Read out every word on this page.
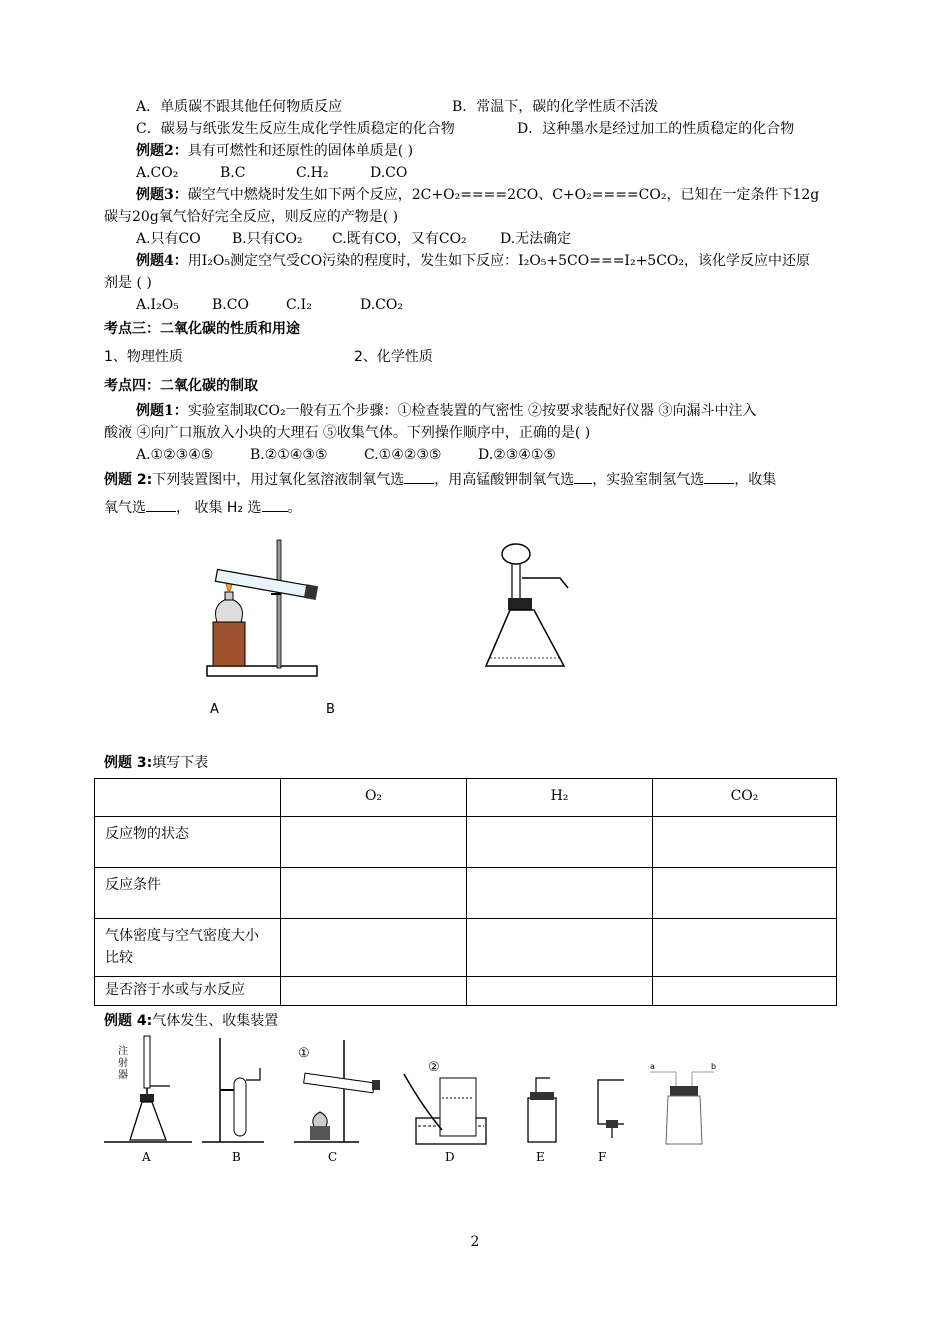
A．单质碳不跟其他任何物质反应	B．常温下，碳的化学性质不活泼
C．碳易与纸张发生反应生成化学性质稳定的化合物	D．这种墨水是经过加工的性质稳定的化合物
例题2：具有可燃性和还原性的固体单质是( )
A.CO₂	B.C	C.H₂	D.CO
例题3：碳空气中燃烧时发生如下两个反应，2C+O₂====2CO、C+O₂====CO₂，已知在一定条件下12g
碳与20g氧气恰好完全反应，则反应的产物是( )
A.只有CO B.只有CO₂ C.既有CO，又有CO₂ D.无法确定
例题4：用I₂O₅测定空气受CO污染的程度时，发生如下反应：I₂O₅+5CO===I₂+5CO₂，该化学反应中还原
剂是 ( )
A.I₂O₅ B.CO	C.I₂	D.CO₂
考点三：二氧化碳的性质和用途
1、物理性质	2、化学性质
考点四：二氧化碳的制取
例题1：实验室制取CO₂一般有五个步骤：①检查装置的气密性 ②按要求装配好仪器 ③向漏斗中注入
酸液 ④向广口瓶放入小块的大理石 ⑤收集气体。下列操作顺序中，正确的是( )
A.①②③④⑤	B.②①④③⑤	C.①④②③⑤	D.②③④①⑤
例题 2:下列装置图中，用过氧化氢溶液制氧气选 ，用高锰酸钾制氧气选 ，实验室制氢气选 ，收集
氧气选 ， 收集 H₂ 选 。
A	B
例题 3:填写下表
	O₂	H₂	CO₂
反应物的状态			
反应条件			
气体密度与空气密度大小比较			
是否溶于水或与水反应			
例题 4:气体发生、收集装置
注射器
①
②
A	B	C	D	E	F
a	b
2
